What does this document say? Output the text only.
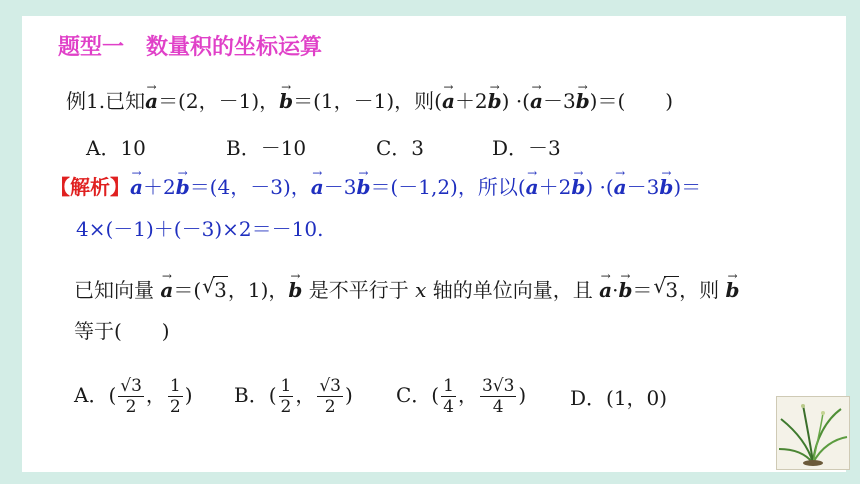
题型一　数量积的坐标运算
例1.已知→ a＝(2，－1)，→ b＝(1，－1)，则(→ a＋2→ b) ·(→ a－3→ b)＝(　　)
A．10	B．－10	C．3	D．－3
【解析】→ a＋2→ b＝(4，－3)，→ a－3→ b＝(－1,2)，所以(→ a＋2→ b) ·(→ a－3→ b)＝
4×(－1)＋(－3)×2＝－10.
已知向量 → a＝( √ 3，1)，→ b 是不平行于 x 轴的单位向量，且 → a·→ b＝ √ 3，则 → b
等于(　　)
A．( $\frac{√3}{2}$ ， $\frac{1}{2}$ ) B．( $\frac{1}{2}$ ， $\frac{√3}{2}$ ) C．( $\frac{1}{4}$ ， $\frac{3√3}{4}$ ) D．(1，0)
